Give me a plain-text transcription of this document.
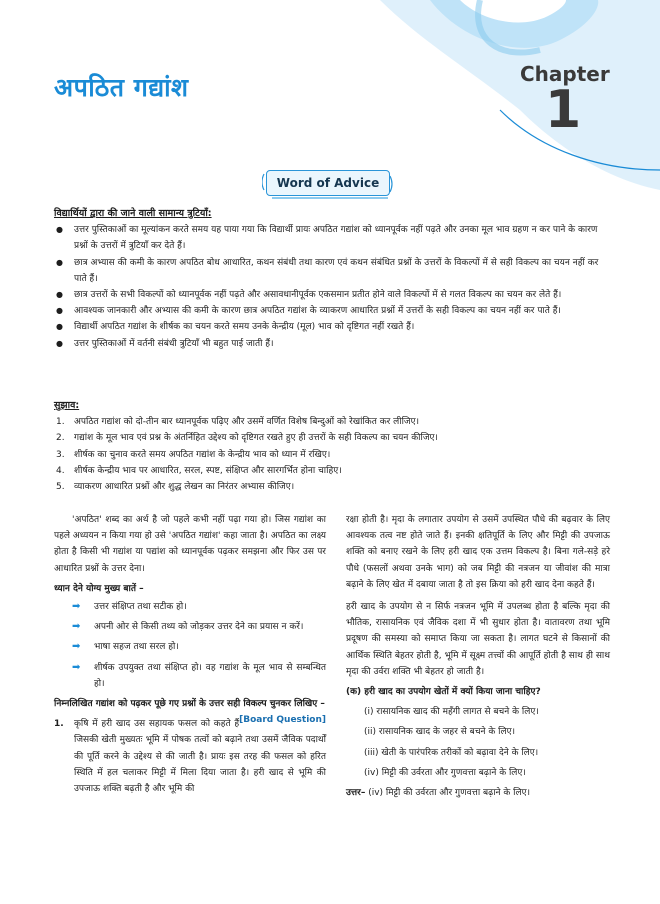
अपठित गद्यांश	Chapter
1
Word of Advice
विद्यार्थियों द्वारा की जाने वाली सामान्य त्रुटियाँ:
● उत्तर पुस्तिकाओं का मूल्यांकन करते समय यह पाया गया कि विद्यार्थी प्रायः अपठित गद्यांश को ध्यानपूर्वक नहीं पढ़ते और उनका मूल भाव ग्रहण न कर पाने के कारण प्रश्नों के उत्तरों में त्रुटियाँ कर देते हैं।
● छात्र अभ्यास की कमी के कारण अपठित बोध आधारित, कथन संबंधी तथा कारण एवं कथन संबंधित प्रश्नों के उत्तरों के विकल्पों में से सही विकल्प का चयन नहीं कर पाते हैं।
● छात्र उत्तरों के सभी विकल्पों को ध्यानपूर्वक नहीं पढ़ते और असावधानीपूर्वक एकसमान प्रतीत होने वाले विकल्पों में से गलत विकल्प का चयन कर लेते हैं।
● आवश्यक जानकारी और अभ्यास की कमी के कारण छात्र अपठित गद्यांश के व्याकरण आधारित प्रश्नों में उत्तरों के सही विकल्प का चयन नहीं कर पाते हैं।
● विद्यार्थी अपठित गद्यांश के शीर्षक का चयन करते समय उनके केन्द्रीय (मूल) भाव को दृष्टिगत नहीं रखते हैं।
● उत्तर पुस्तिकाओं में वर्तनी संबंधी त्रुटियाँ भी बहुत पाई जाती हैं।
सुझाव:
1. अपठित गद्यांश को दो-तीन बार ध्यानपूर्वक पढ़िए और उसमें वर्णित विशेष बिन्दुओं को रेखांकित कर लीजिए।
2. गद्यांश के मूल भाव एवं प्रश्न के अंतर्निहित उद्देश्य को दृष्टिगत रखते हुए ही उत्तरों के सही विकल्प का चयन कीजिए।
3. शीर्षक का चुनाव करते समय अपठित गद्यांश के केन्द्रीय भाव को ध्यान में रखिए।
4. शीर्षक केन्द्रीय भाव पर आधारित, सरल, स्पष्ट, संक्षिप्त और सारगर्भित होना चाहिए।
5. व्याकरण आधारित प्रश्नों और शुद्ध लेखन का निरंतर अभ्यास कीजिए।
'अपठित' शब्द का अर्थ है जो पहले कभी नहीं पढ़ा गया हो। जिस गद्यांश का पहले अध्ययन न किया गया हो उसे 'अपठित गद्यांश' कहा जाता है। अपठित का लक्ष्य होता है किसी भी गद्यांश या पद्यांश को ध्यानपूर्वक पढ़कर समझना और फिर उस पर आधारित प्रश्नों के उत्तर देना।
ध्यान देने योग्य मुख्य बातें –
➡ उत्तर संक्षिप्त तथा सटीक हो।
➡ अपनी ओर से किसी तथ्य को जोड़कर उत्तर देने का प्रयास न करें।
➡ भाषा सहज तथा सरल हो।
➡ शीर्षक उपयुक्त तथा संक्षिप्त हो। वह गद्यांश के मूल भाव से सम्बन्धित हो।
निम्नलिखित गद्यांश को पढ़कर पूछे गए प्रश्नों के उत्तर सही विकल्प चुनकर लिखिए –
[Board Question]
1. कृषि में हरी खाद उस सहायक फसल को कहते हैं जिसकी खेती मुख्यतः भूमि में पोषक तत्वों को बढ़ाने तथा उसमें जैविक पदार्थों की पूर्ति करने के उद्देश्य से की जाती है। प्रायः इस तरह की फसल को हरित स्थिति में हल चलाकर मिट्टी में मिला दिया जाता है। हरी खाद से भूमि की उपजाऊ शक्ति बढ़ती है और भूमि की
रक्षा होती है। मृदा के लगातार उपयोग से उसमें उपस्थित पौधे की बढ़वार के लिए आवश्यक तत्व नष्ट होते जाते हैं। इनकी क्षतिपूर्ति के लिए और मिट्टी की उपजाऊ शक्ति को बनाए रखने के लिए हरी खाद एक उत्तम विकल्प है। बिना गले-सड़े हरे पौधे (फसलों अथवा उनके भाग) को जब मिट्टी की नत्रजन या जीवांश की मात्रा बढ़ाने के लिए खेत में दबाया जाता है तो इस क्रिया को हरी खाद देना कहते हैं।
हरी खाद के उपयोग से न सिर्फ नत्रजन भूमि में उपलब्ध होता है बल्कि मृदा की भौतिक, रासायनिक एवं जैविक दशा में भी सुधार होता है। वातावरण तथा भूमि प्रदूषण की समस्या को समाप्त किया जा सकता है। लागत घटने से किसानों की आर्थिक स्थिति बेहतर होती है, भूमि में सूक्ष्म तत्त्वों की आपूर्ति होती है साथ ही साथ मृदा की उर्वरा शक्ति भी बेहतर हो जाती है।
(क) हरी खाद का उपयोग खेतों में क्यों किया जाना चाहिए?
(i) रासायनिक खाद की महँगी लागत से बचने के लिए।
(ii) रासायनिक खाद के जहर से बचने के लिए।
(iii) खेती के पारंपरिक तरीकों को बढ़ावा देने के लिए।
(iv) मिट्टी की उर्वरता और गुणवत्ता बढ़ाने के लिए।
उत्तर– (iv) मिट्टी की उर्वरता और गुणवत्ता बढ़ाने के लिए।
